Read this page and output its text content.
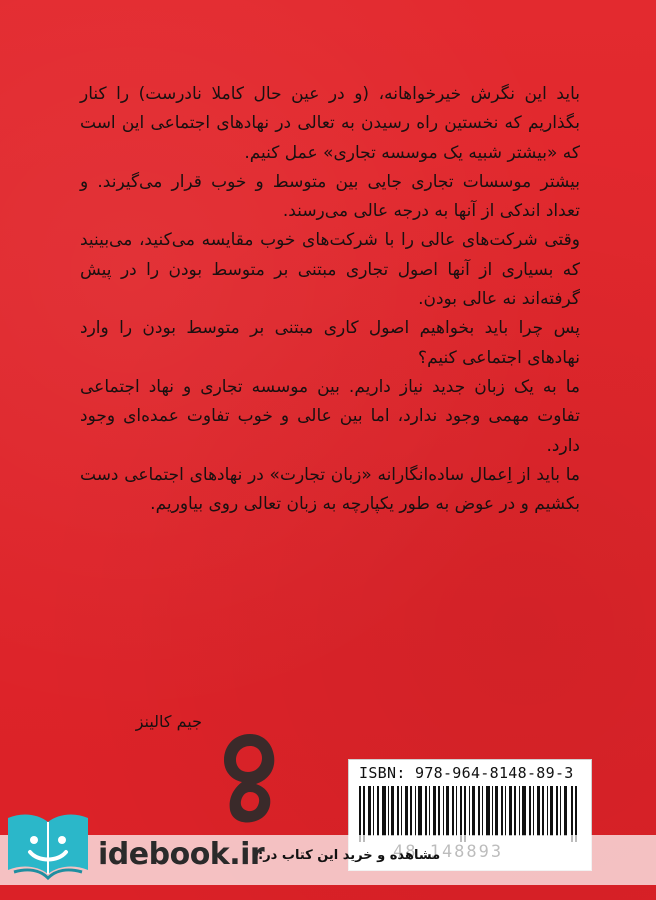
باید این نگرش خیرخواهانه، (و در عین حال کاملا نادرست) را کنار بگذاریم که نخستین راه رسیدن به تعالی در نهادهای اجتماعی این است که «بیشتر شبیه یک موسسه تجاری» عمل کنیم.

بیشتر موسسات تجاری جایی بین متوسط و خوب قرار می‌گیرند. و تعداد اندکی از آنها به درجه عالی می‌رسند.

وقتی شرکت‌های عالی را با شرکت‌های خوب مقایسه می‌کنید، می‌بینید که بسیاری از آنها اصول تجاری مبتنی بر متوسط بودن را در پیش گرفته‌اند نه عالی بودن.

پس چرا باید بخواهیم اصول کاری مبتنی بر متوسط بودن را وارد نهادهای اجتماعی کنیم؟

ما به یک زبان جدید نیاز داریم. بین موسسه تجاری و نهاد اجتماعی تفاوت مهمی وجود ندارد، اما بین عالی و خوب تفاوت عمده‌ای وجود دارد.

ما باید از اِعمال ساده‌انگارانه «زبان تجارت» در نهادهای اجتماعی دست بکشیم و در عوض به طور یکپارچه به زبان تعالی روی بیاوریم.

جیم کالینز
ISBN: 978-964-8148-89-3
مشاهده و خرید این کتاب در:
idebook.ir
